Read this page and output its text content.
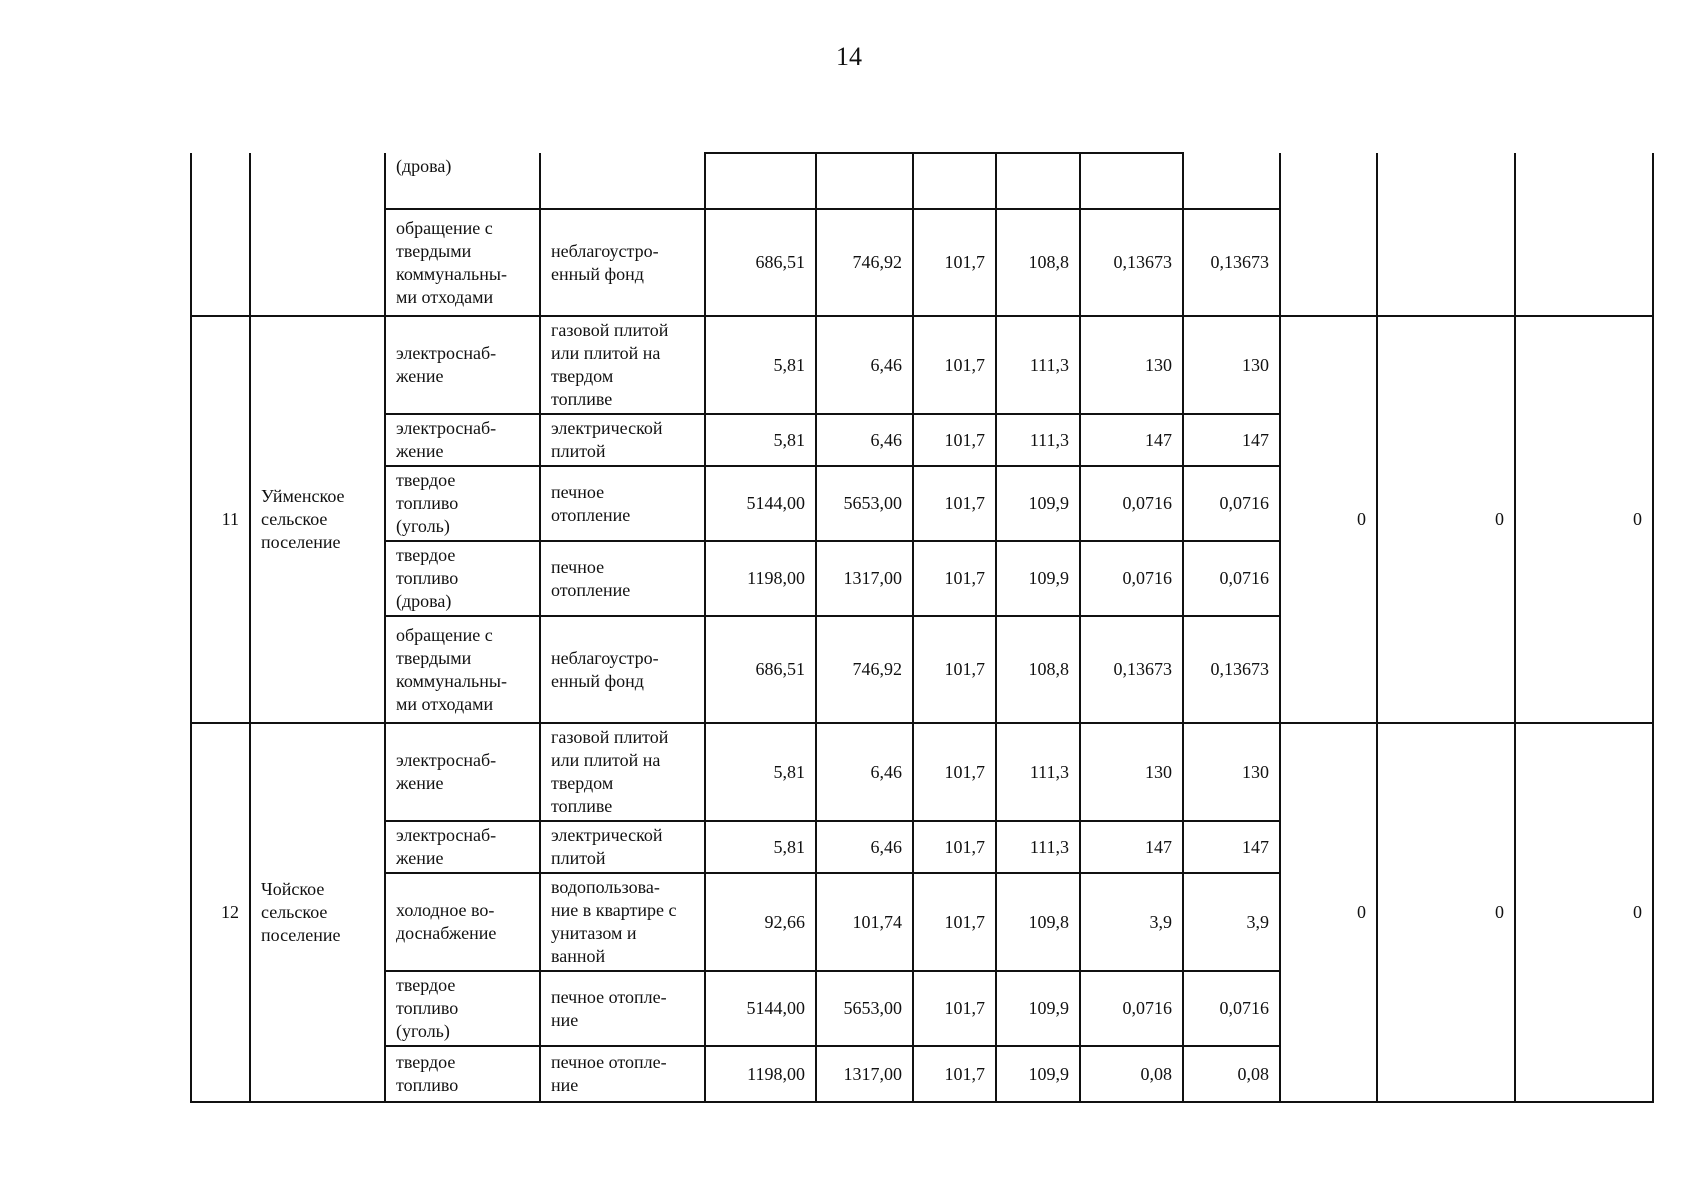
14
		(дрова)										
		обращение с
твердыми
коммунальны-
ми отходами	неблагоустро-
енный фонд	686,51	746,92	101,7	108,8	0,13673	0,13673			
11	Уйменское
сельское
поселение	электроснаб-
жение	газовой плитой
или плитой на
твердом
топливе	5,81	6,46	101,7	111,3	130	130	0	0	0
		электроснаб-
жение	электрической
плитой	5,81	6,46	101,7	111,3	147	147			
		твердое
топливо
(уголь)	печное
отопление	5144,00	5653,00	101,7	109,9	0,0716	0,0716			
		твердое
топливо
(дрова)	печное
отопление	1198,00	1317,00	101,7	109,9	0,0716	0,0716			
		обращение с
твердыми
коммунальны-
ми отходами	неблагоустро-
енный фонд	686,51	746,92	101,7	108,8	0,13673	0,13673			
12	Чойское
сельское
поселение	электроснаб-
жение	газовой плитой
или плитой на
твердом
топливе	5,81	6,46	101,7	111,3	130	130	0	0	0
		электроснаб-
жение	электрической
плитой	5,81	6,46	101,7	111,3	147	147			
		холодное во-
доснабжение	водопользова-
ние в квартире с
унитазом и
ванной	92,66	101,74	101,7	109,8	3,9	3,9			
		твердое
топливо
(уголь)	печное отопле-
ние	5144,00	5653,00	101,7	109,9	0,0716	0,0716			
		твердое
топливо	печное отопле-
ние	1198,00	1317,00	101,7	109,9	0,08	0,08			
